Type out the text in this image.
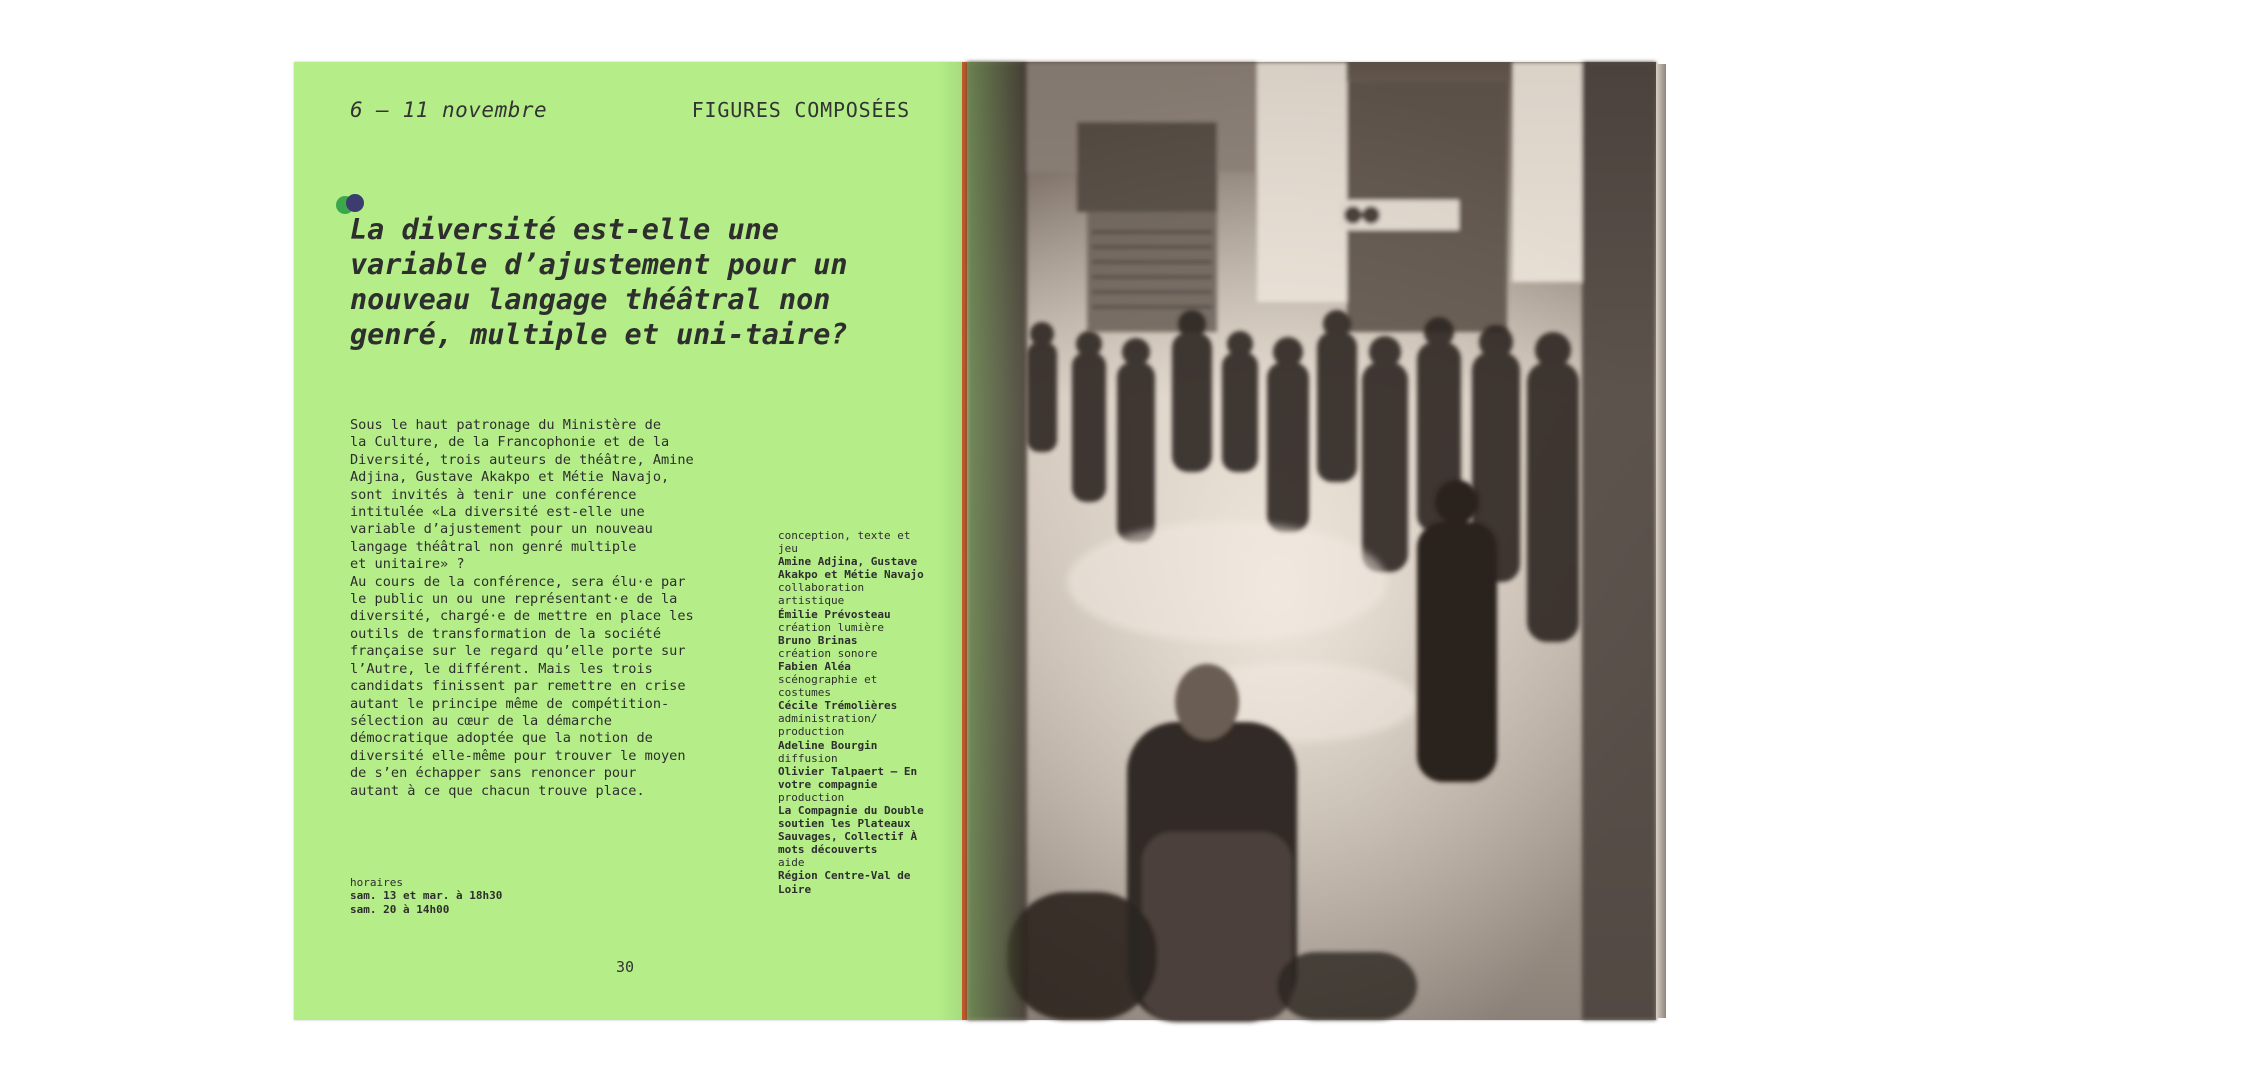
6 — 11 novembre	FIGURES COMPOSÉES
La diversité est-elle une variable d’ajustement pour un nouveau langage théâtral non genré, multiple et uni-taire?

Sous le haut patronage du Ministère de
la Culture, de la Francophonie et de la
Diversité, trois auteurs de théâtre, Amine
Adjina, Gustave Akakpo et Métie Navajo,
sont invités à tenir une conférence
intitulée «La diversité est-elle une
variable d’ajustement pour un nouveau
langage théâtral non genré multiple
et unitaire» ?
Au cours de la conférence, sera élu·e par
le public un ou une représentant·e de la
diversité, chargé·e de mettre en place les
outils de transformation de la société
française sur le regard qu’elle porte sur
l’Autre, le différent. Mais les trois
candidats finissent par remettre en crise
autant le principe même de compétition-
sélection au cœur de la démarche
démocratique adoptée que la notion de
diversité elle-même pour trouver le moyen
de s’en échapper sans renoncer pour
autant à ce que chacun trouve place.

conception, texte et jeu
Amine Adjina, Gustave Akakpo et Métie Navajo
collaboration artistique
Émilie Prévosteau
création lumière
Bruno Brinas
création sonore
Fabien Aléa
scénographie et costumes
Cécile Trémolières
administration/ production
Adeline Bourgin
diffusion
Olivier Talpaert – En votre compagnie
production
La Compagnie du Double soutien les Plateaux Sauvages, Collectif À mots découverts
aide
Région Centre-Val de Loire
horaires
sam. 13 et mar. à 18h30
sam. 20 à 14h00
30	31
